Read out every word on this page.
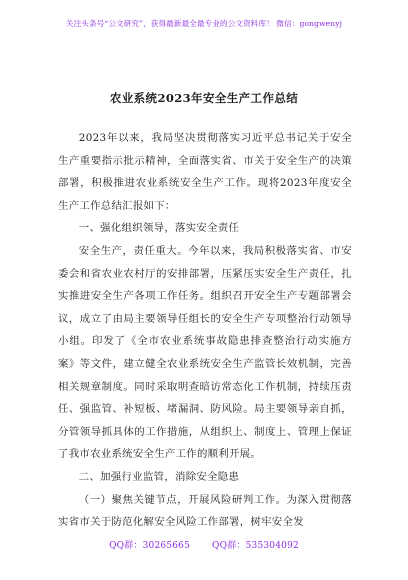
关注头条号“公文研究”，获得最新最全最专业的公文资料库！ 微信：gongwenyj
农业系统2023年安全生产工作总结

2023年以来，我局坚决贯彻落实习近平总书记关于安全生产重要指示批示精神，全面落实省、市关于安全生产的决策部署，积极推进农业系统安全生产工作。现将2023年度安全生产工作总结汇报如下：

一、强化组织领导，落实安全责任

安全生产，责任重大。今年以来，我局积极落实省、市安委会和省农业农村厅的安排部署，压紧压实安全生产责任，扎实推进安全生产各项工作任务。组织召开安全生产专题部署会议，成立了由局主要领导任组长的安全生产专项整治行动领导小组。印发了《全市农业系统事故隐患排查整治行动实施方案》等文件，建立健全农业系统安全生产监管长效机制，完善相关规章制度。同时采取明查暗访常态化工作机制，持续压责任、强监管、补短板、堵漏洞、防风险。局主要领导亲自抓，分管领导抓具体的工作措施，从组织上、制度上、管理上保证了我市农业系统安全生产工作的顺利开展。

二、加强行业监管，消除安全隐患

（一）聚焦关键节点，开展风险研判工作。为深入贯彻落实省市关于防范化解安全风险工作部署，树牢安全发

QQ群：30265665 QQ群：535304092
